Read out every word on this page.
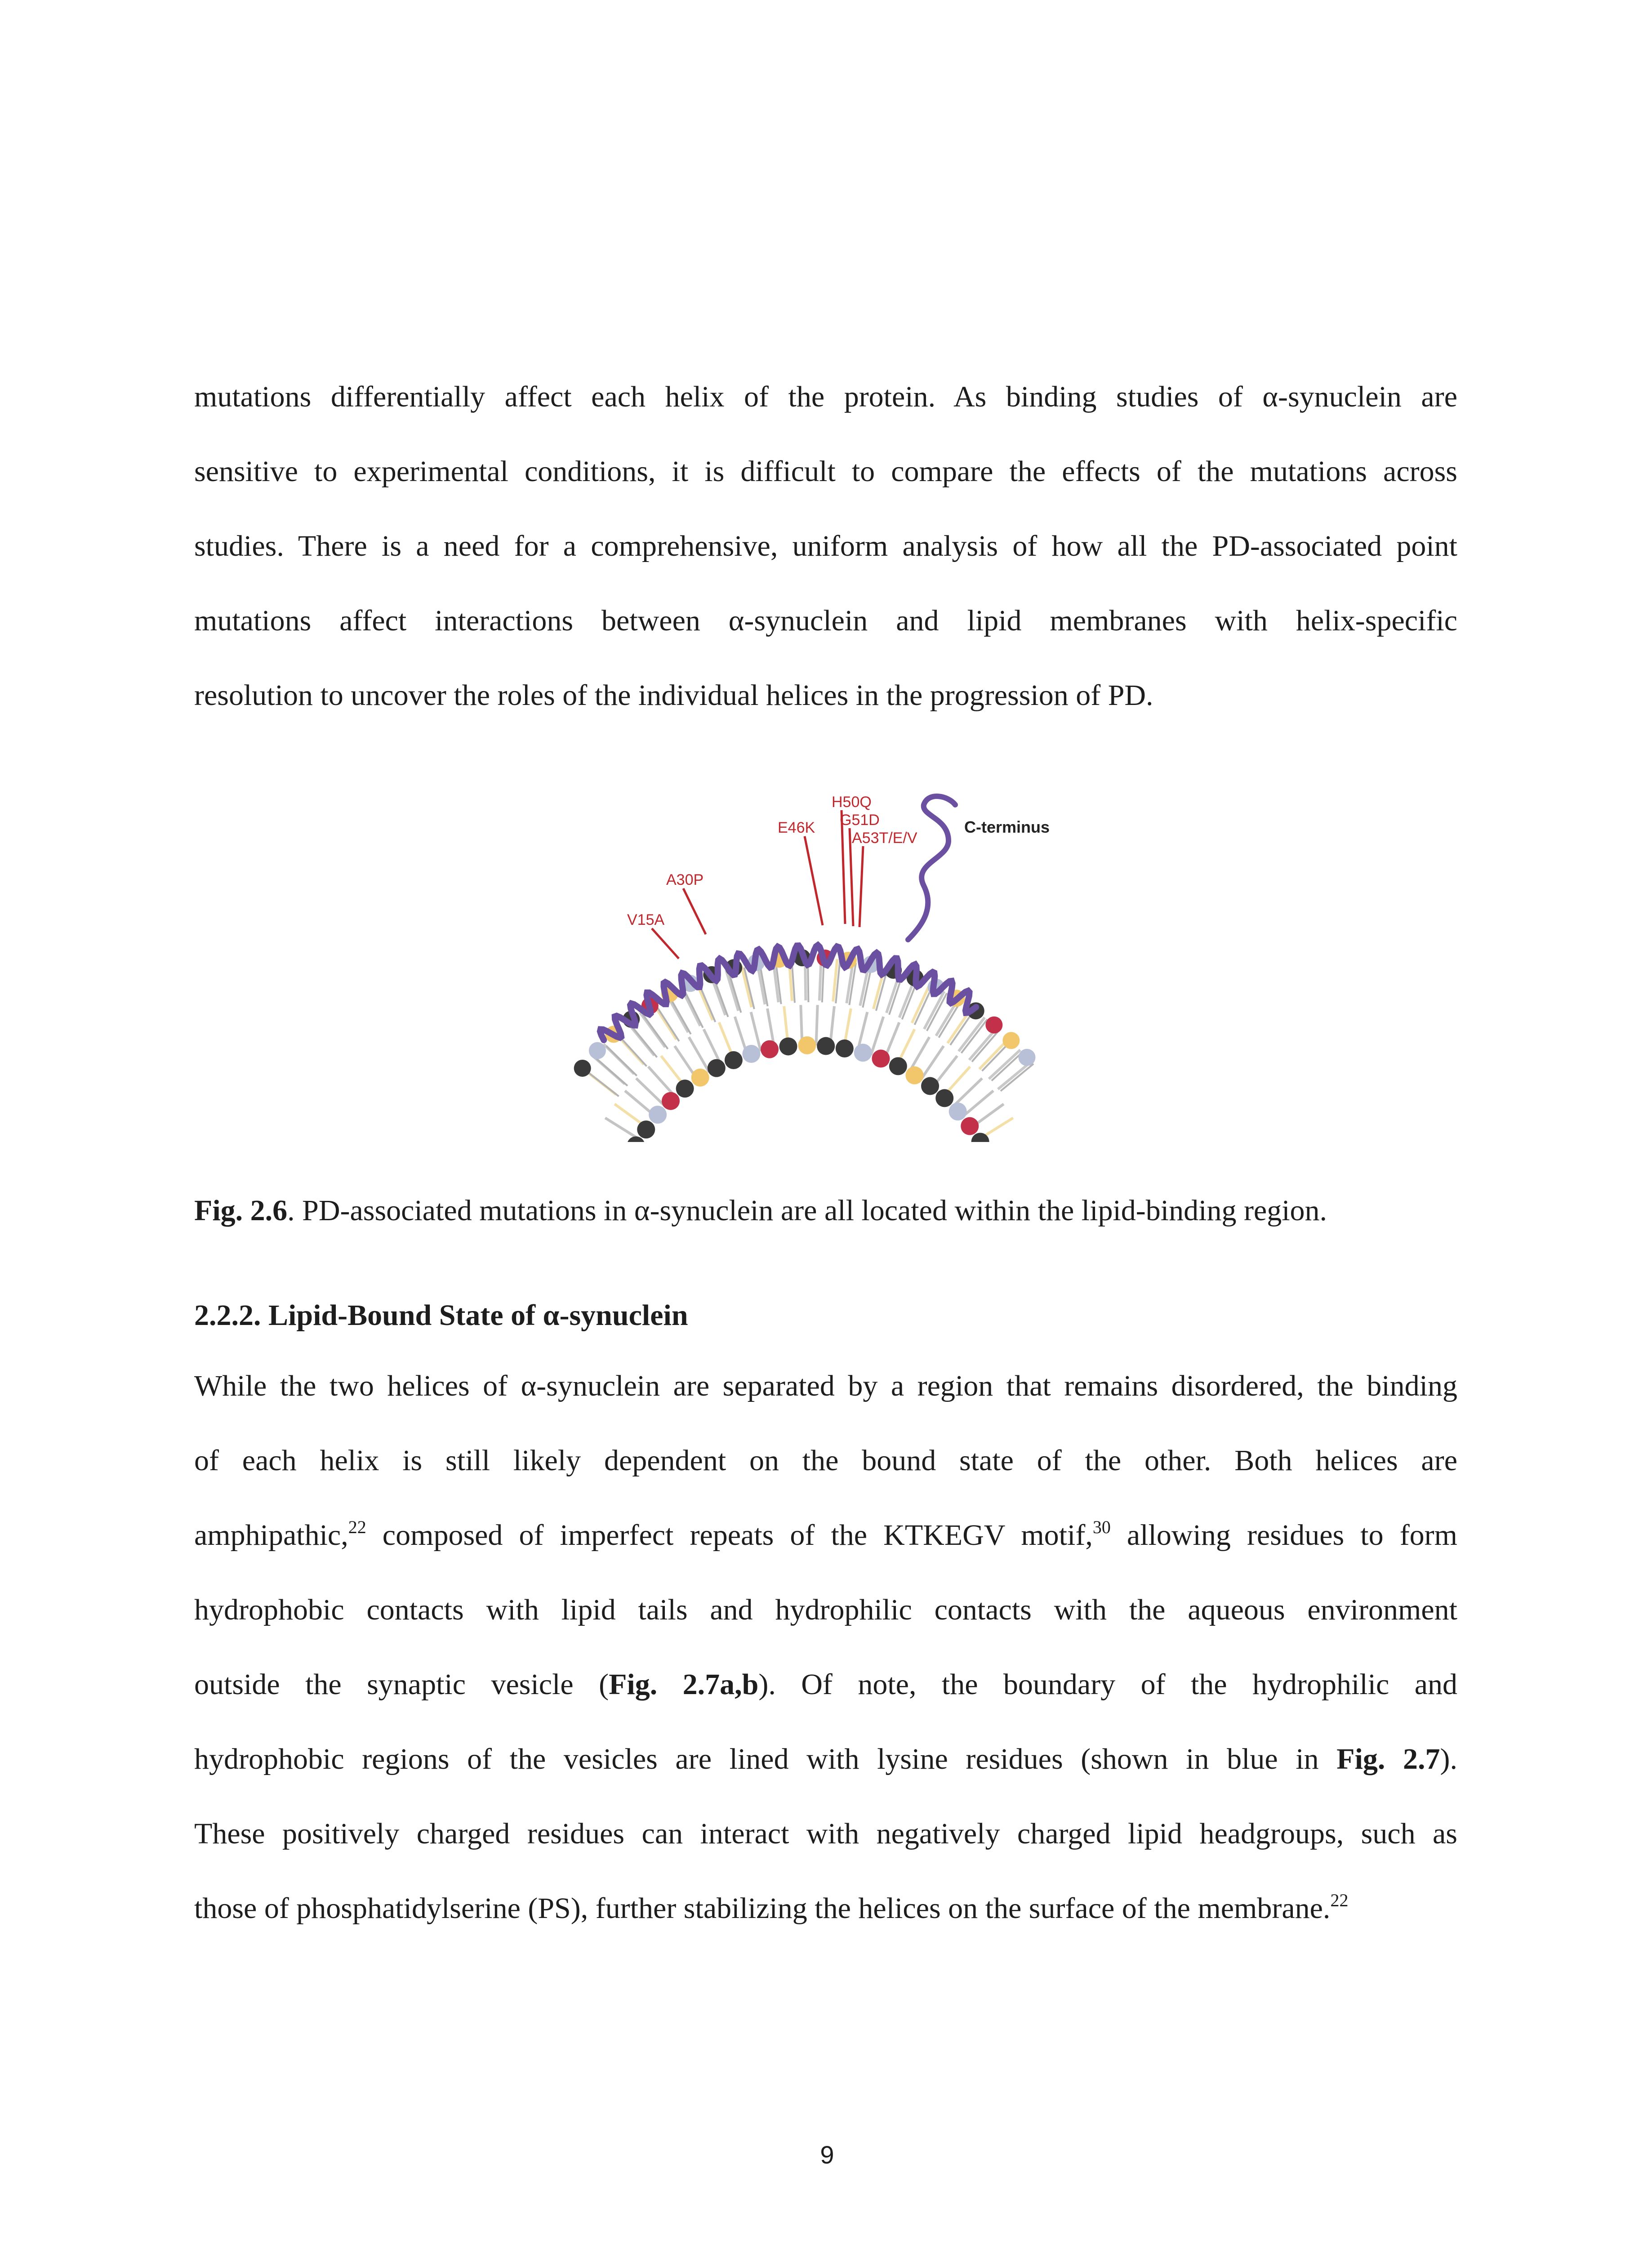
mutations differentially affect each helix of the protein. As binding studies of α-synuclein are
sensitive to experimental conditions, it is difficult to compare the effects of the mutations across
studies. There is a need for a comprehensive, uniform analysis of how all the PD-associated point
mutations affect interactions between α-synuclein and lipid membranes with helix-specific
resolution to uncover the roles of the individual helices in the progression of PD.
H50Q
G51D
E46K
A53T/E/V
A30P
V15A
C-terminus
Fig. 2.6. PD-associated mutations in α-synuclein are all located within the lipid-binding region.
2.2.2. Lipid-Bound State of α-synuclein
While the two helices of α-synuclein are separated by a region that remains disordered, the binding
of each helix is still likely dependent on the bound state of the other. Both helices are
amphipathic,$^{22}$ composed of imperfect repeats of the KTKEGV motif,$^{30}$ allowing residues to form
hydrophobic contacts with lipid tails and hydrophilic contacts with the aqueous environment
outside the synaptic vesicle (Fig. 2.7a,b). Of note, the boundary of the hydrophilic and
hydrophobic regions of the vesicles are lined with lysine residues (shown in blue in Fig. 2.7).
These positively charged residues can interact with negatively charged lipid headgroups, such as
those of phosphatidylserine (PS), further stabilizing the helices on the surface of the membrane.$^{22}$
9
